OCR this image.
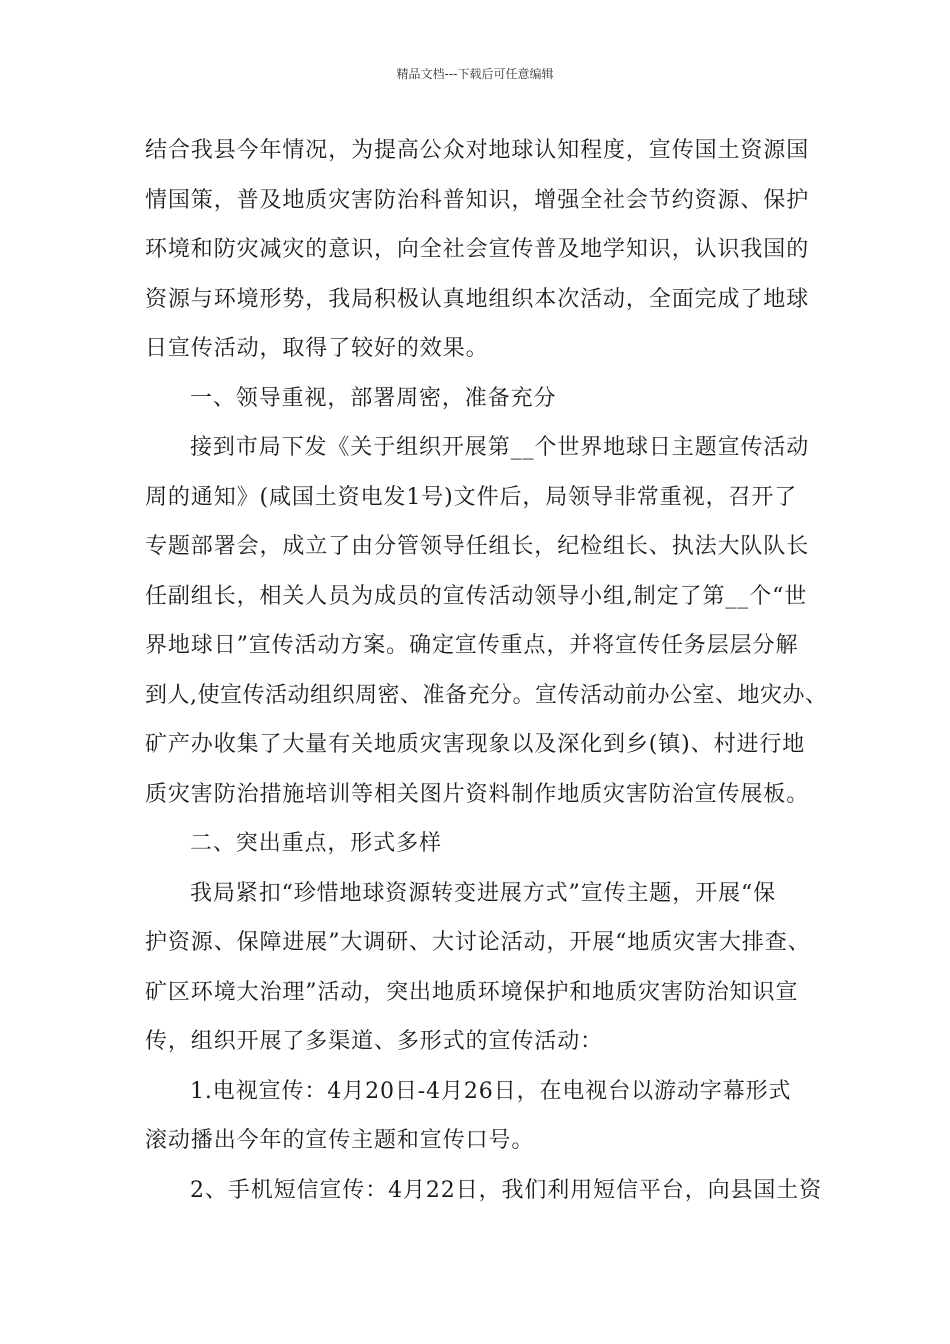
精品文档---下载后可任意编辑
结合我县今年情况，为提高公众对地球认知程度，宣传国土资源国
情国策，普及地质灾害防治科普知识，增强全社会节约资源、保护
环境和防灾减灾的意识，向全社会宣传普及地学知识，认识我国的
资源与环境形势，我局积极认真地组织本次活动，全面完成了地球
日宣传活动，取得了较好的效果。
一、领导重视，部署周密，准备充分
接到市局下发《关于组织开展第__个世界地球日主题宣传活动
周的通知》(咸国土资电发1号)文件后，局领导非常重视，召开了
专题部署会，成立了由分管领导任组长，纪检组长、执法大队队长
任副组长，相关人员为成员的宣传活动领导小组,制定了第__个“世
界地球日”宣传活动方案。确定宣传重点，并将宣传任务层层分解
到人,使宣传活动组织周密、准备充分。宣传活动前办公室、地灾办、
矿产办收集了大量有关地质灾害现象以及深化到乡(镇)、村进行地
质灾害防治措施培训等相关图片资料制作地质灾害防治宣传展板。
二、突出重点，形式多样
我局紧扣“珍惜地球资源转变进展方式”宣传主题，开展“保
护资源、保障进展”大调研、大讨论活动，开展“地质灾害大排查、
矿区环境大治理”活动，突出地质环境保护和地质灾害防治知识宣
传，组织开展了多渠道、多形式的宣传活动：
1.电视宣传：4月20日-4月26日，在电视台以游动字幕形式
滚动播出今年的宣传主题和宣传口号。
2、手机短信宣传：4月22日，我们利用短信平台，向县国土资
